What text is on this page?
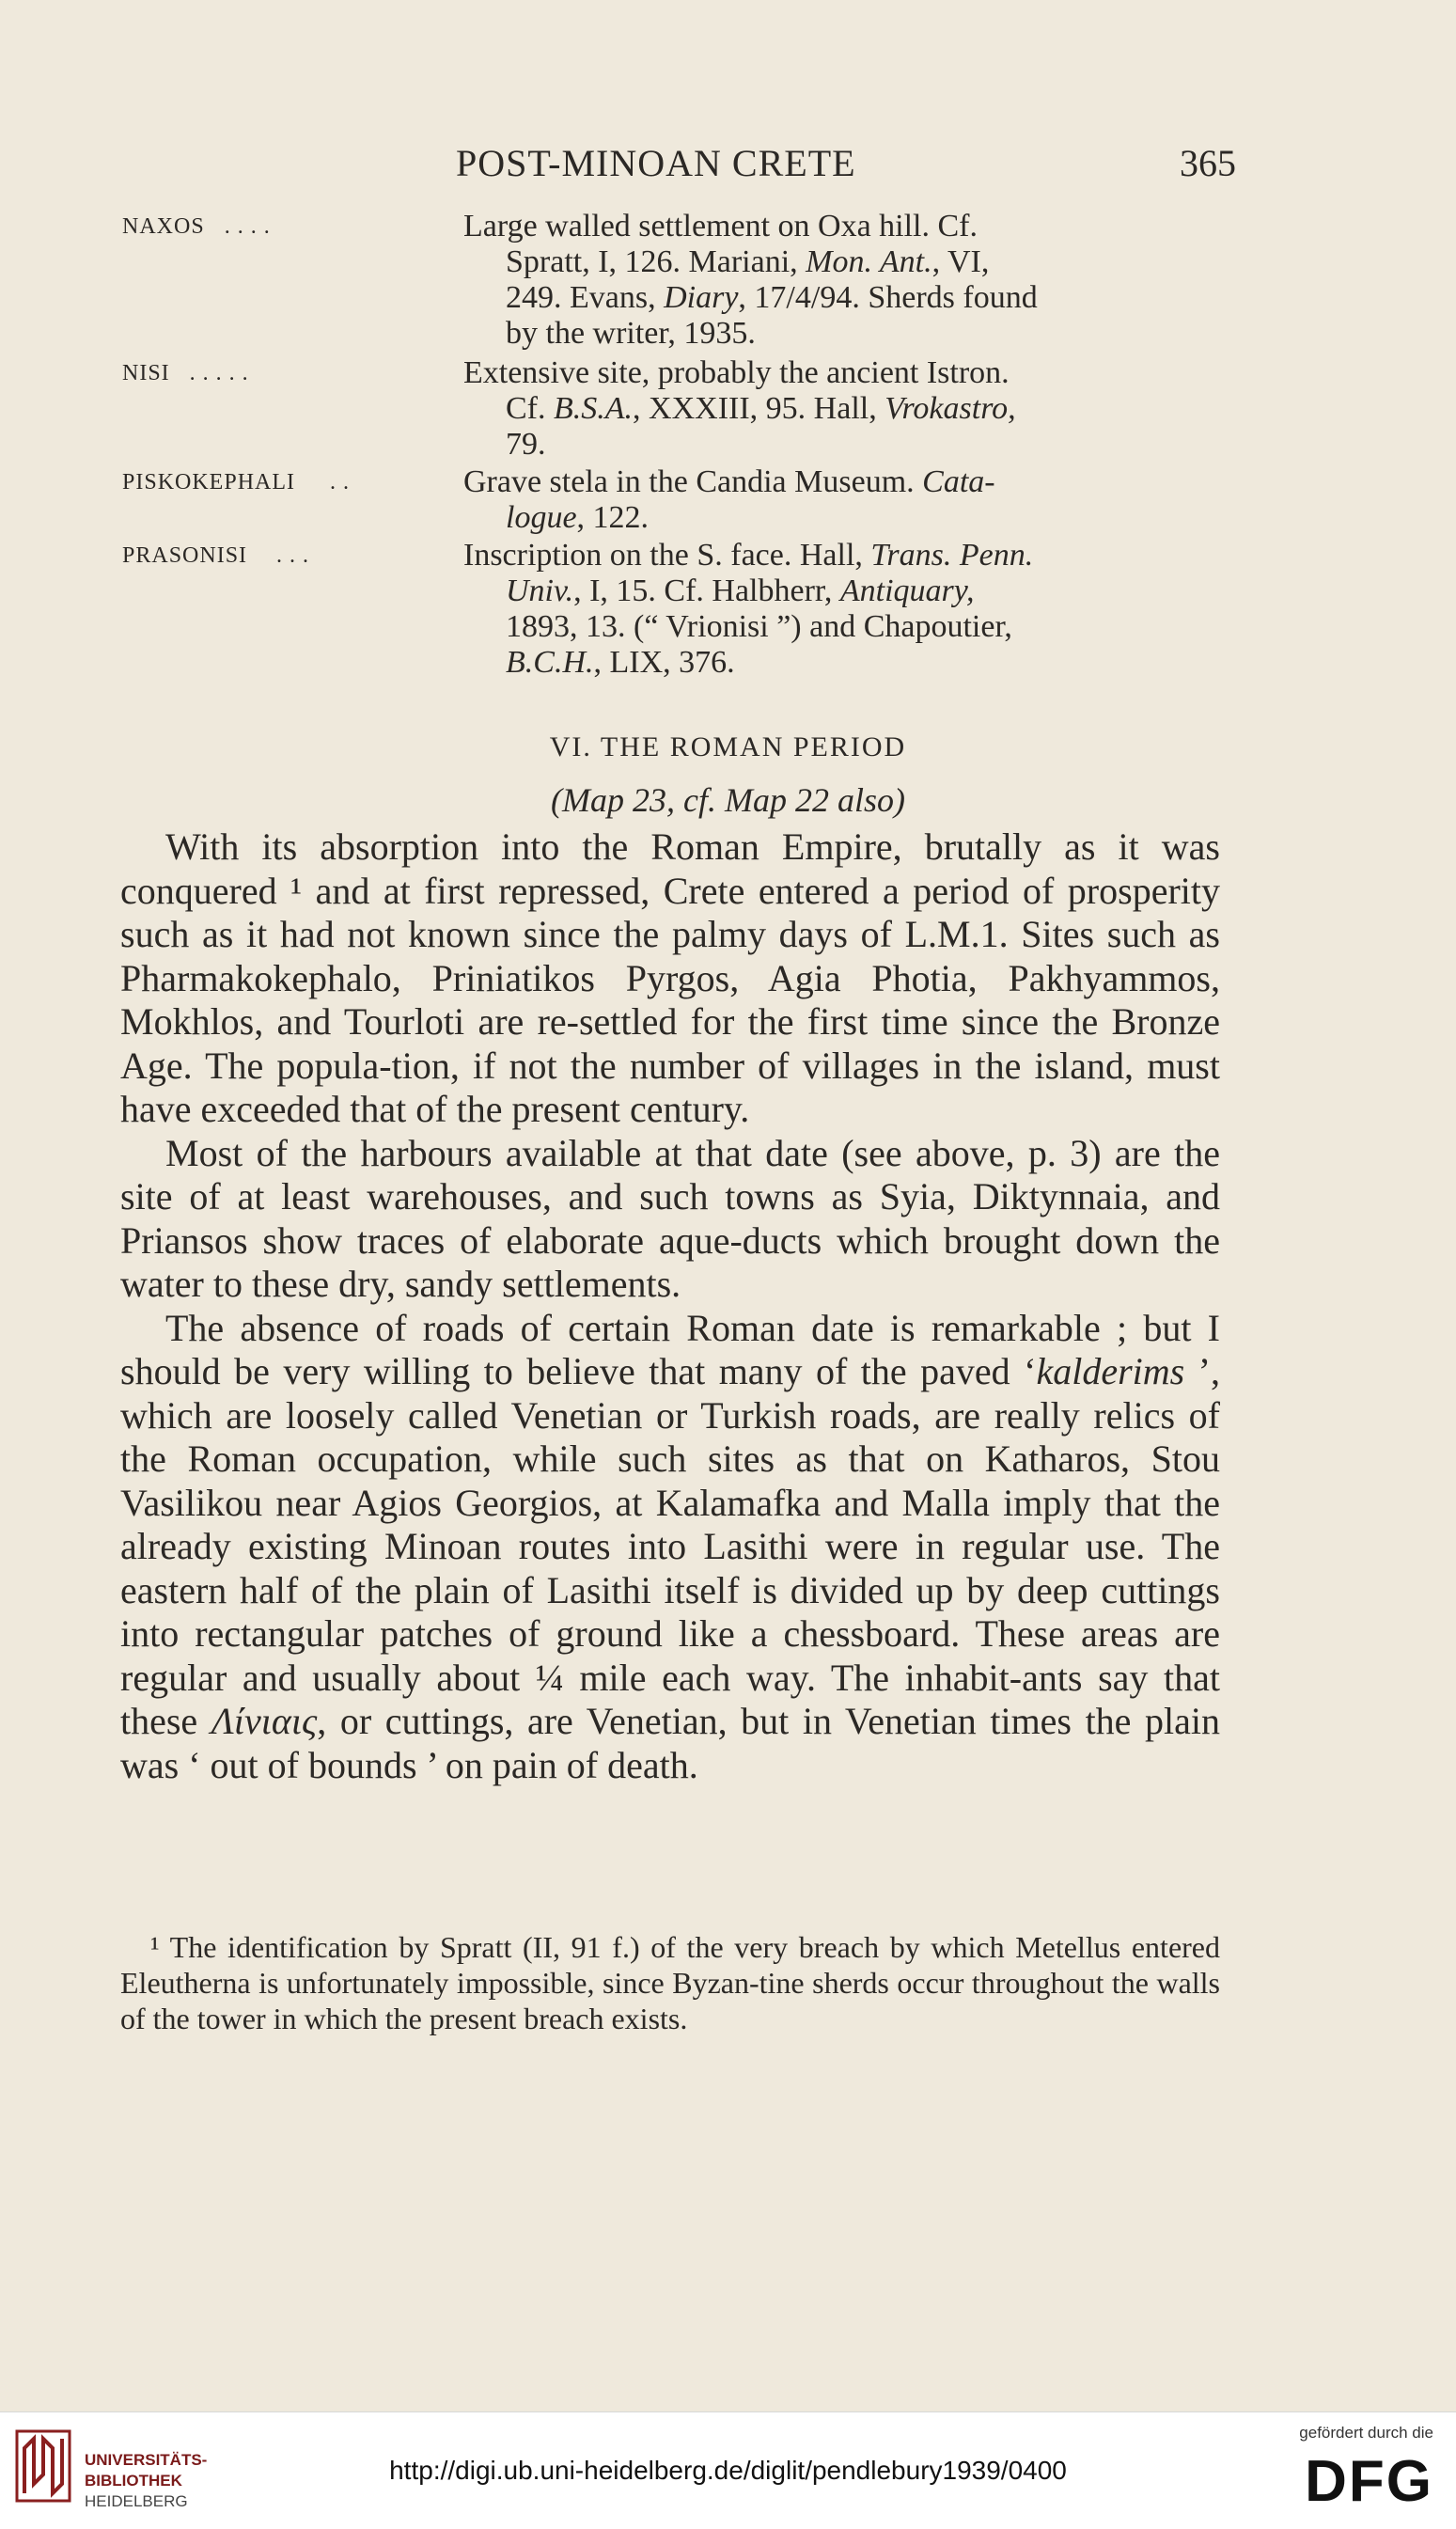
POST-MINOAN CRETE	365
NAXOS . . . .	Large walled settlement on Oxa hill. Cf.
Spratt, I, 126. Mariani, Mon. Ant., VI,
249. Evans, Diary, 17/4/94. Sherds found
by the writer, 1935.
NISI . . . . .	Extensive site, probably the ancient Istron.
Cf. B.S.A., XXXIII, 95. Hall, Vrokastro,
79.
PISKOKEPHALI . .	Grave stela in the Candia Museum. Cata-
logue, 122.
PRASONISI . . .	Inscription on the S. face. Hall, Trans. Penn.
Univ., I, 15. Cf. Halbherr, Antiquary,
1893, 13. (“ Vrionisi ”) and Chapoutier,
B.C.H., LIX, 376.
VI. THE ROMAN PERIOD
(Map 23, cf. Map 22 also)

With its absorption into the Roman Empire, brutally as it was conquered ¹ and at first repressed, Crete entered a period of prosperity such as it had not known since the palmy days of L.M.1. Sites such as Pharmakokephalo, Priniatikos Pyrgos, Agia Photia, Pakhyammos, Mokhlos, and Tourloti are re-settled for the first time since the Bronze Age. The popula-tion, if not the number of villages in the island, must have exceeded that of the present century.

Most of the harbours available at that date (see above, p. 3) are the site of at least warehouses, and such towns as Syia, Diktynnaia, and Priansos show traces of elaborate aque-ducts which brought down the water to these dry, sandy settlements.

The absence of roads of certain Roman date is remarkable ; but I should be very willing to believe that many of the paved ‘kalderims ’, which are loosely called Venetian or Turkish roads, are really relics of the Roman occupation, while such sites as that on Katharos, Stou Vasilikou near Agios Georgios, at Kalamafka and Malla imply that the already existing Minoan routes into Lasithi were in regular use. The eastern half of the plain of Lasithi itself is divided up by deep cuttings into rectangular patches of ground like a chessboard. These areas are regular and usually about ¼ mile each way. The inhabit-ants say that these Λίνιαις, or cuttings, are Venetian, but in Venetian times the plain was ‘ out of bounds ’ on pain of death.

¹ The identification by Spratt (II, 91 f.) of the very breach by which Metellus entered Eleutherna is unfortunately impossible, since Byzan-tine sherds occur throughout the walls of the tower in which the present breach exists.

UNIVERSITÄTS-
BIBLIOTHEK
HEIDELBERG
http://digi.ub.uni-heidelberg.de/diglit/pendlebury1939/0400
gefördert durch die
DFG
